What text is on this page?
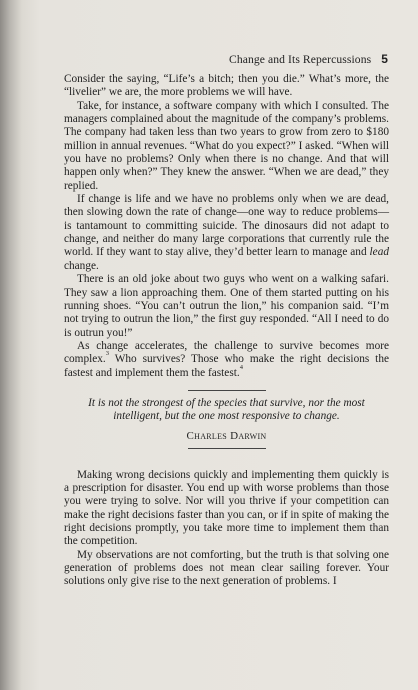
Change and Its Repercussions 5

Consider the saying, “Life’s a bitch; then you die.” What’s more, the “livelier” we are, the more problems we will have.

Take, for instance, a software company with which I consulted. The managers complained about the magnitude of the company’s problems. The company had taken less than two years to grow from zero to $180 million in annual revenues. “What do you expect?” I asked. “When will you have no problems? Only when there is no change. And that will happen only when?” They knew the answer. “When we are dead,” they replied.

If change is life and we have no problems only when we are dead, then slowing down the rate of change—one way to reduce problems—is tantamount to committing suicide. The dinosaurs did not adapt to change, and neither do many large corporations that currently rule the world. If they want to stay alive, they’d better learn to manage and lead change.

There is an old joke about two guys who went on a walking safari. They saw a lion approaching them. One of them started putting on his running shoes. “You can’t outrun the lion,” his companion said. “I’m not trying to outrun the lion,” the first guy responded. “All I need to do is outrun you!”

As change accelerates, the challenge to survive becomes more complex.$^3$ Who survives? Those who make the right decisions the fastest and implement them the fastest.$^4$

It is not the strongest of the species that survive, nor the most intelligent, but the one most responsive to change.
Charles Darwin

Making wrong decisions quickly and implementing them quickly is a prescription for disaster. You end up with worse problems than those you were trying to solve. Nor will you thrive if your competition can make the right decisions faster than you can, or if in spite of making the right decisions promptly, you take more time to implement them than the competition.

My observations are not comforting, but the truth is that solving one generation of problems does not mean clear sailing forever. Your solutions only give rise to the next generation of problems. I
